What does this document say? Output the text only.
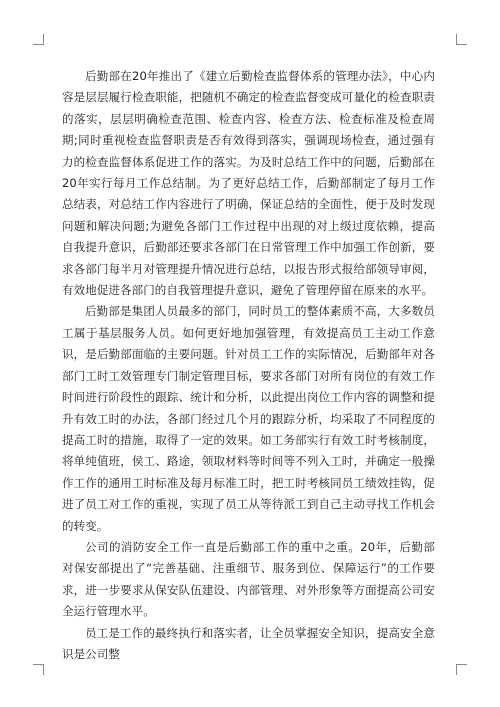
后勤部在20年推出了《建立后勤检查监督体系的管理办法》，中心内容是层层履行检查职能，把随机不确定的检查监督变成可量化的检查职责的落实，层层明确检查范围、检查内容、检查方法、检查标准及检查周期;同时重视检查监督职责是否有效得到落实，强调现场检查，通过强有力的检查监督体系促进工作的落实。为及时总结工作中的问题，后勤部在20年实行每月工作总结制。为了更好总结工作，后勤部制定了每月工作总结表，对总结工作内容进行了明确，保证总结的全面性，便于及时发现问题和解决问题;为避免各部门工作过程中出现的对上级过度依赖，提高自我提升意识，后勤部还要求各部门在日常管理工作中加强工作创新，要求各部门每半月对管理提升情况进行总结，以报告形式报给部领导审阅，有效地促进各部门的自我管理提升意识，避免了管理停留在原来的水平。

后勤部是集团人员最多的部门，同时员工的整体素质不高，大多数员工属于基层服务人员。如何更好地加强管理，有效提高员工主动工作意识，是后勤部面临的主要问题。针对员工工作的实际情况，后勤部年对各部门工时工效管理专门制定管理目标，要求各部门对所有岗位的有效工作时间进行阶段性的跟踪、统计和分析，以此提出岗位工作内容的调整和提升有效工时的办法，各部门经过几个月的跟踪分析，均采取了不同程度的提高工时的措施，取得了一定的效果。如工务部实行有效工时考核制度，将单纯值班，侯工、路途，领取材料等时间等不列入工时，并确定一般操作工作的通用工时标准及每月标准工时，把工时考核同员工绩效挂钩，促进了员工对工作的重视，实现了员工从等待派工到自己主动寻找工作机会的转变。

公司的消防安全工作一直是后勤部工作的重中之重。20年，后勤部对保安部提出了“完善基础、注重细节、服务到位、保障运行”的工作要求，进一步要求从保安队伍建设、内部管理、对外形象等方面提高公司安全运行管理水平。

员工是工作的最终执行和落实者，让全员掌握安全知识，提高安全意识是公司整
